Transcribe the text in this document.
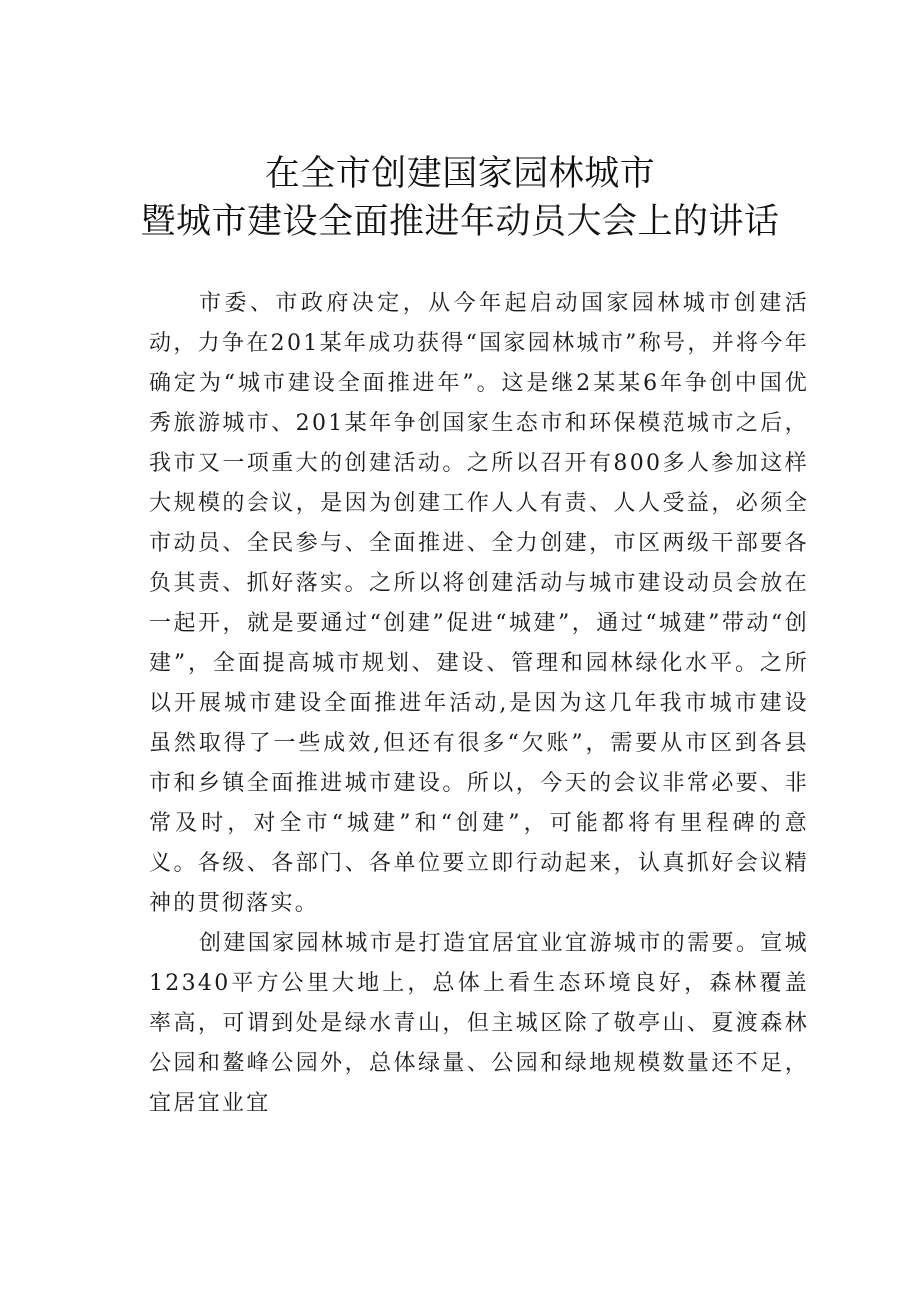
在全市创建国家园林城市
暨城市建设全面推进年动员大会上的讲话

市委、市政府决定，从今年起启动国家园林城市创建活动，力争在201某年成功获得“国家园林城市”称号，并将今年确定为“城市建设全面推进年”。这是继2某某6年争创中国优秀旅游城市、201某年争创国家生态市和环保模范城市之后，我市又一项重大的创建活动。之所以召开有800多人参加这样大规模的会议，是因为创建工作人人有责、人人受益，必须全市动员、全民参与、全面推进、全力创建，市区两级干部要各负其责、抓好落实。之所以将创建活动与城市建设动员会放在一起开，就是要通过“创建”促进“城建”，通过“城建”带动“创建”，全面提高城市规划、建设、管理和园林绿化水平。之所以开展城市建设全面推进年活动,是因为这几年我市城市建设虽然取得了一些成效,但还有很多“欠账”，需要从市区到各县市和乡镇全面推进城市建设。所以，今天的会议非常必要、非常及时，对全市“城建”和“创建”，可能都将有里程碑的意义。各级、各部门、各单位要立即行动起来，认真抓好会议精神的贯彻落实。

创建国家园林城市是打造宜居宜业宜游城市的需要。宣城12340平方公里大地上，总体上看生态环境良好，森林覆盖率高，可谓到处是绿水青山，但主城区除了敬亭山、夏渡森林公园和鳌峰公园外，总体绿量、公园和绿地规模数量还不足，宜居宜业宜
